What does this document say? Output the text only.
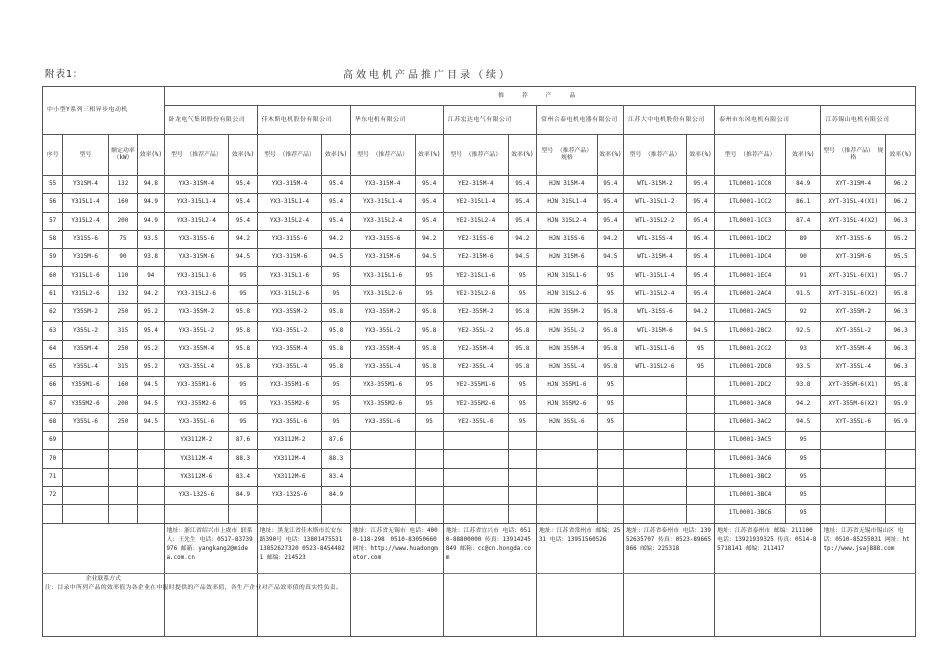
附表1：	高效电机产品推广目录（续）
中小型Y系列三相异步电动机				推　荐　产　品															
				卧龙电气集团股份有限公司		佳木斯电机股份有限公司		华东电机有限公司		江苏宏达电气有限公司		常州合泰电机电器有限公司		江苏大中电机股份有限公司		泰州市东风电机有限公司		江苏锡山电机有限公司	
序号	型号	额定功率（kW）	效率(%)	型号 （推荐产品）	效率(%)	型号 （推荐产品）	效率(%)	型号 （推荐产品）	效率(%)	型号 （推荐产品）	效率(%)	型号 （推荐产品） 规格	效率(%)	型号 （推荐产品）	效率(%)	型号 （推荐产品）	效率(%)	型号 （推荐产品） 规格	效率(%)
55	Y315M-4	132	94.8	YX3-315M-4	95.4	YX3-315M-4	95.4	YX3-315M-4	95.4	YE2-315M-4	95.4	HJN 315M-4	95.4	WTL-315M-2	95.4	1TL0001-1CC0	84.9	XYT-315M-4	96.2
56	Y315L1-4	160	94.9	YX3-315L1-4	95.4	YX3-315L1-4	95.4	YX3-315L1-4	95.4	YE2-315L1-4	95.4	HJN 315L1-4	95.4	WTL-315L1-2	95.4	1TL0001-1CC2	86.1	XYT-315L-4(X1)	96.2
57	Y315L2-4	200	94.9	YX3-315L2-4	95.4	YX3-315L2-4	95.4	YX3-315L2-4	95.4	YE2-315L2-4	95.4	HJN 315L2-4	95.4	WTL-315L2-2	95.4	1TL0001-1CC3	87.4	XYT-315L-4(X2)	96.3
58	Y315S-6	75	93.5	YX3-315S-6	94.2	YX3-315S-6	94.2	YX3-315S-6	94.2	YE2-315S-6	94.2	HJN 315S-6	94.2	WTL-315S-4	95.4	1TL0001-1DC2	89	XYT-315S-6	95.2
59	Y315M-6	90	93.8	YX3-315M-6	94.5	YX3-315M-6	94.5	YX3-315M-6	94.5	YE2-315M-6	94.5	HJN 315M-6	94.5	WTL-315M-4	95.4	1TL0001-1DC4	90	XYT-315M-6	95.5
60	Y315L1-6	110	94	YX3-315L1-6	95	YX3-315L1-6	95	YX3-315L1-6	95	YE2-315L1-6	95	HJN 315L1-6	95	WTL-315L1-4	95.4	1TL0001-1EC4	91	XYT-315L-6(X1)	95.7
61	Y315L2-6	132	94.2	YX3-315L2-6	95	YX3-315L2-6	95	YX3-315L2-6	95	YE2-315L2-6	95	HJN 315L2-6	95	WTL-315L2-4	95.4	1TL0001-2AC4	91.5	XYT-315L-6(X2)	95.8
62	Y355M-2	250	95.2	YX3-355M-2	95.8	YX3-355M-2	95.8	YX3-355M-2	95.8	YE2-355M-2	95.8	HJN 355M-2	95.8	WTL-315S-6	94.2	1TL0001-2AC5	92	XYT-355M-2	96.3
63	Y355L-2	315	95.4	YX3-355L-2	95.8	YX3-355L-2	95.8	YX3-355L-2	95.8	YE2-355L-2	95.8	HJN 355L-2	95.8	WTL-315M-6	94.5	1TL0001-2BC2	92.5	XYT-355L-2	96.3
64	Y355M-4	250	95.2	YX3-355M-4	95.8	YX3-355M-4	95.8	YX3-355M-4	95.8	YE2-355M-4	95.8	HJN 355M-4	95.8	WTL-315L1-6	95	1TL0001-2CC2	93	XYT-355M-4	96.3
65	Y355L-4	315	95.2	YX3-355L-4	95.8	YX3-355L-4	95.8	YX3-355L-4	95.8	YE2-355L-4	95.8	HJN 355L-4	95.8	WTL-315L2-6	95	1TL0001-2DC0	93.5	XYT-355L-4	96.3
66	Y355M1-6	160	94.5	YX3-355M1-6	95	YX3-355M1-6	95	YX3-355M1-6	95	YE2-355M1-6	95	HJN 355M1-6	95			1TL0001-2DC2	93.8	XYT-355M-6(X1)	95.8
67	Y355M2-6	200	94.5	YX3-355M2-6	95	YX3-355M2-6	95	YX3-355M2-6	95	YE2-355M2-6	95	HJN 355M2-6	95			1TL0001-3AC0	94.2	XYT-355M-6(X2)	95.9
68	Y355L-6	250	94.5	YX3-355L-6	95	YX3-355L-6	95	YX3-355L-6	95	YE2-355L-6	95	HJN 355L-6	95			1TL0001-3AC2	94.5	XYT-355L-6	95.9
69				YX3112M-2	87.6	YX3112M-2	87.6									1TL0001-3AC5	95		
70				YX3112M-4	88.3	YX3112M-4	88.3									1TL0001-3AC6	95		
71				YX3112M-6	83.4	YX3112M-6	83.4									1TL0001-3BC2	95		
72				YX3-132S-6	84.9	YX3-132S-6	84.9									1TL0001-3BC4	95		
																1TL0001-3BC6	95		
企业联系方式				地址：浙江省绍兴市上虞市 联系人：王先生 电话：0517-83739976 邮箱：yangkang2@midea.com.cn		地址：黑龙江省佳木斯市长安东路390号 电话：13801475531 13852627320 0523-84544821 邮编：214523		地址：江苏省无锡市 电话：4000-118-298　0510-83050660 网址：http://www.huadongmotor.com		地址：江苏省宜兴市 电话：0510-88800000 传真：13914245849 邮箱：cc@cn.hongda.com		地址：江苏省常州市 邮编：2531 电话：13951560526		地址：江苏省泰州市 电话：13952635707 传真：0523-89665866 邮编：225318		地址：江苏省泰州市 邮编：211100 电话：13921939325 传真：0514-85718141 邮编：211417		地址：江苏省无锡市锡山区 电话：0510-85255031 网址：http://www.jsaj888.com	
注：目录中所列产品的效率值为各企业在申报时提供的产品效率值，各生产企业对产品效率值的真实性负责。
